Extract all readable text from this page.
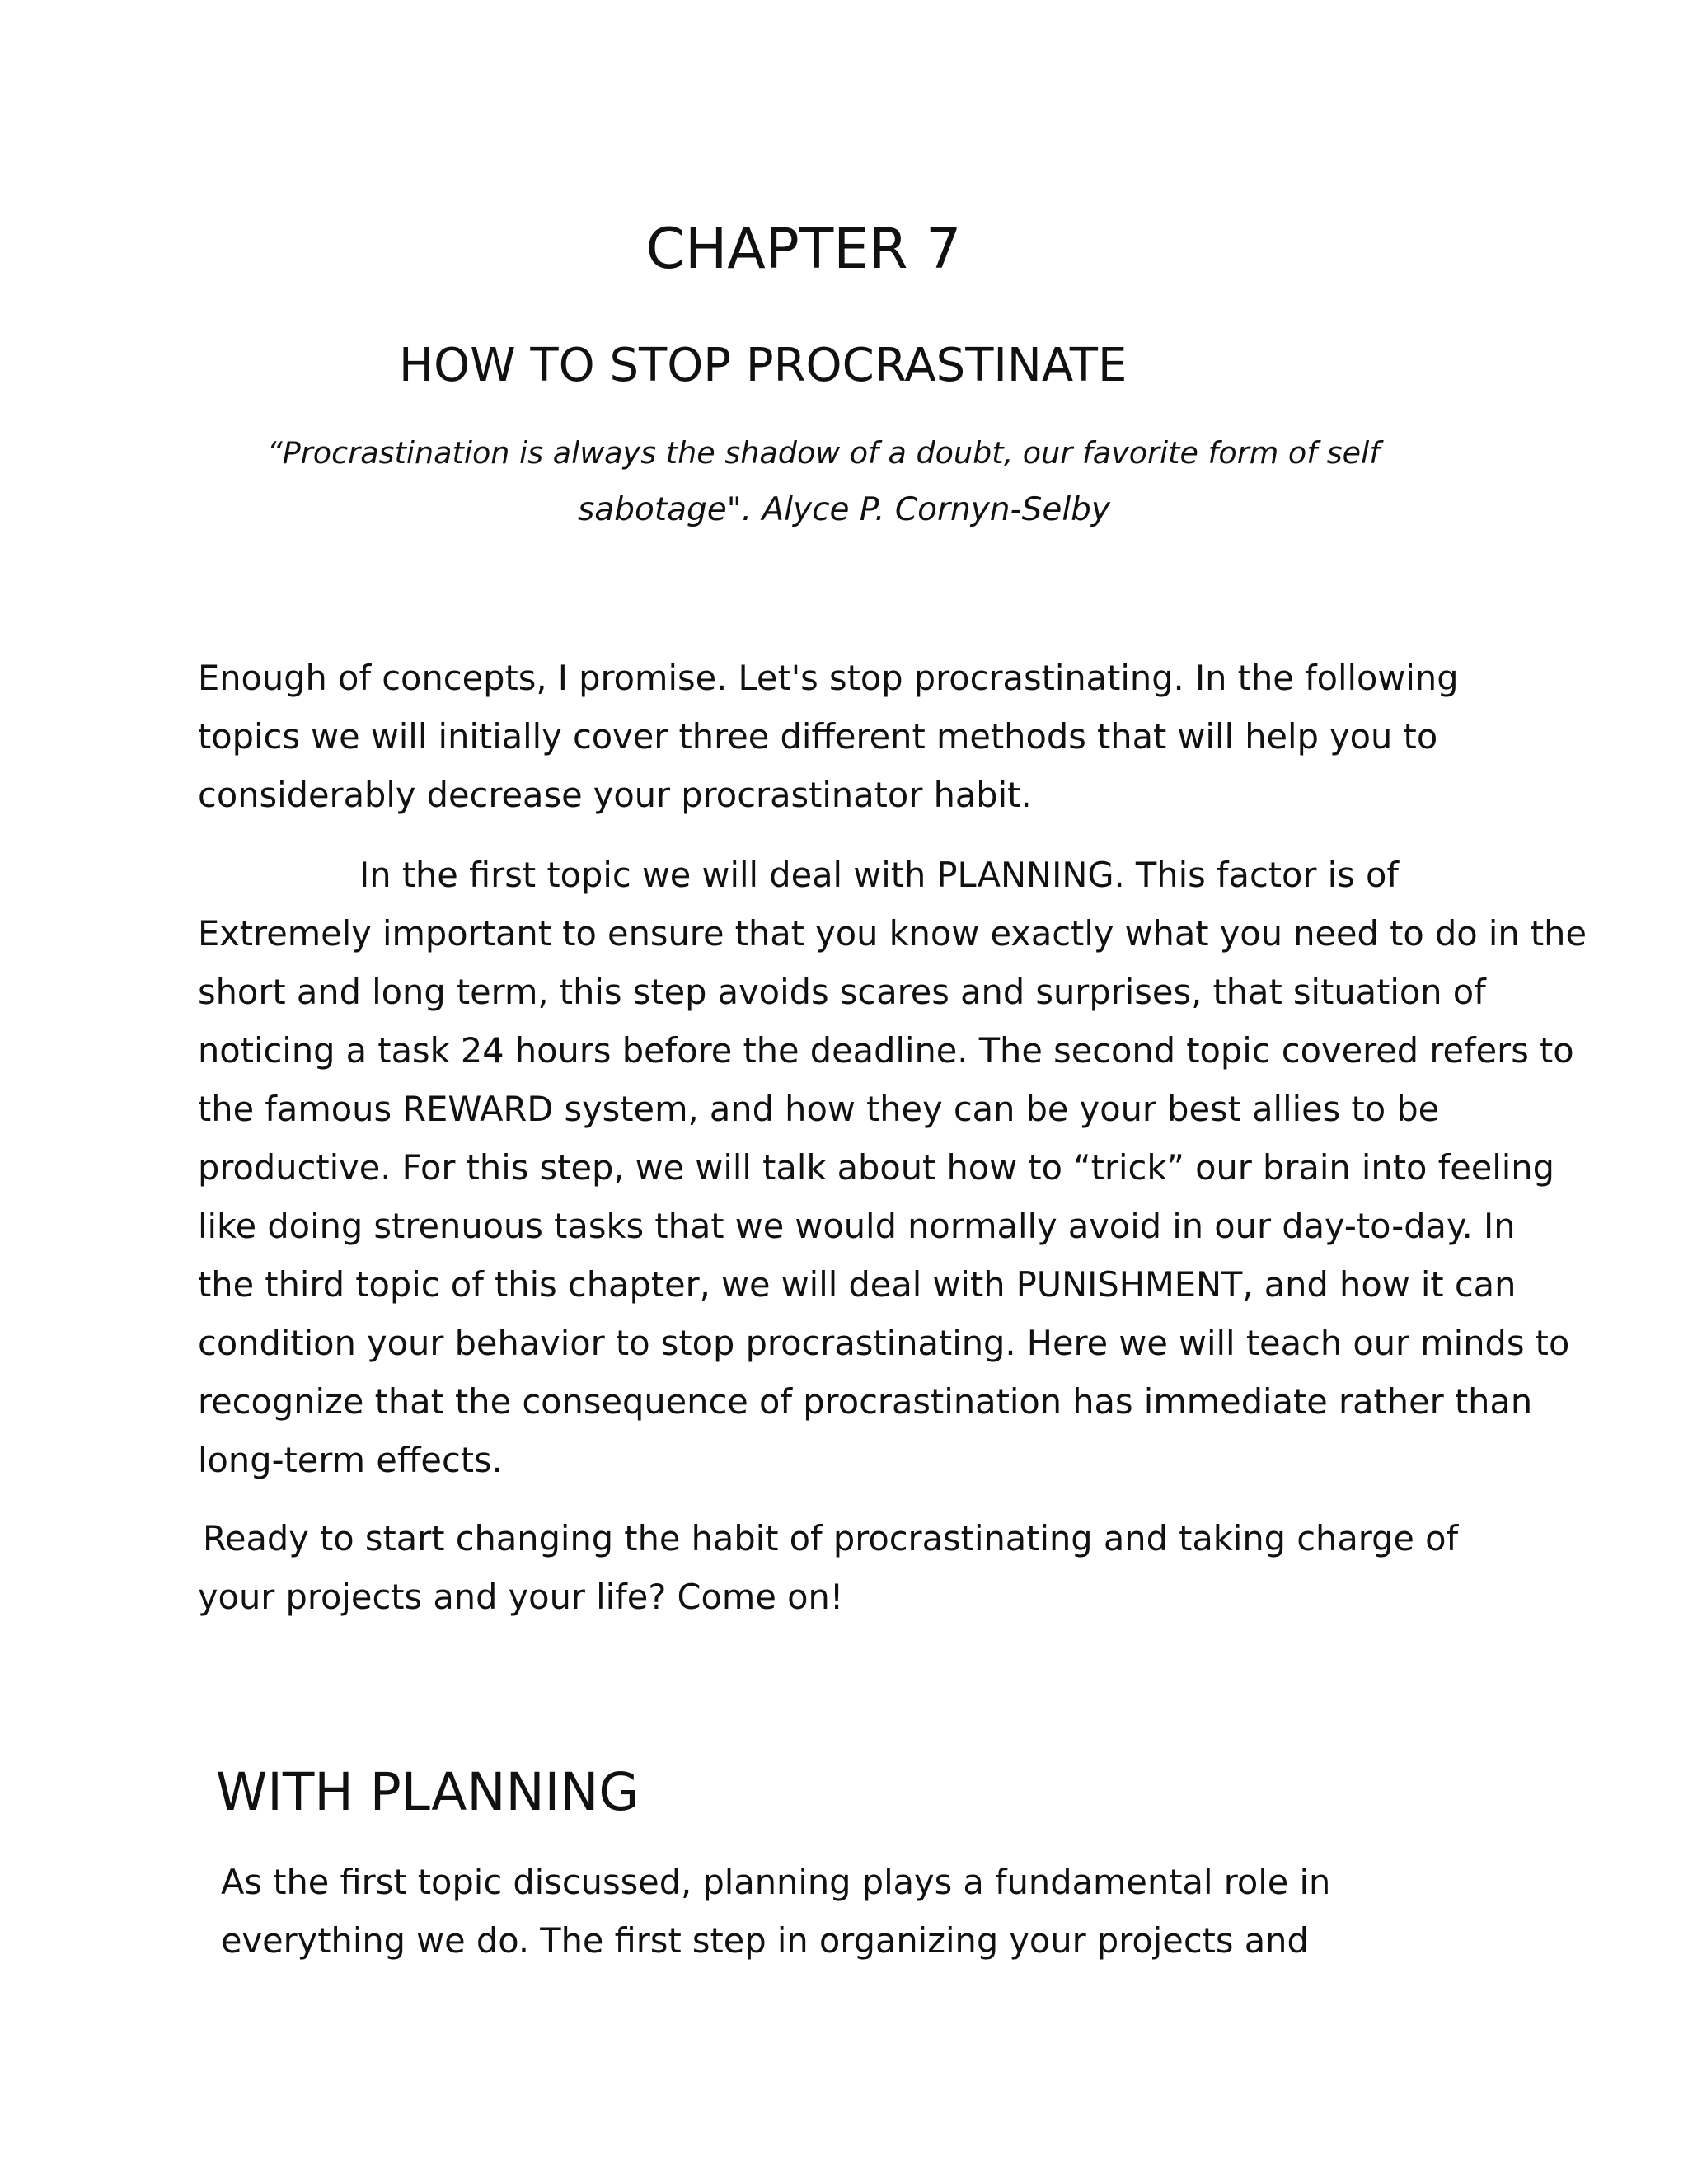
CHAPTER 7
HOW TO STOP PROCRASTINATE
“Procrastination is always the shadow of a doubt, our favorite form of self
sabotage". Alyce P. Cornyn-Selby
Enough of concepts, I promise. Let's stop procrastinating. In the following
topics we will initially cover three different methods that will help you to
considerably decrease your procrastinator habit.
In the first topic we will deal with PLANNING. This factor is of
Extremely important to ensure that you know exactly what you need to do in the
short and long term, this step avoids scares and surprises, that situation of
noticing a task 24 hours before the deadline. The second topic covered refers to
the famous REWARD system, and how they can be your best allies to be
productive. For this step, we will talk about how to “trick” our brain into feeling
like doing strenuous tasks that we would normally avoid in our day-to-day. In
the third topic of this chapter, we will deal with PUNISHMENT, and how it can
condition your behavior to stop procrastinating. Here we will teach our minds to
recognize that the consequence of procrastination has immediate rather than
long-term effects.
Ready to start changing the habit of procrastinating and taking charge of
your projects and your life? Come on!
WITH PLANNING
As the first topic discussed, planning plays a fundamental role in
everything we do. The first step in organizing your projects and
